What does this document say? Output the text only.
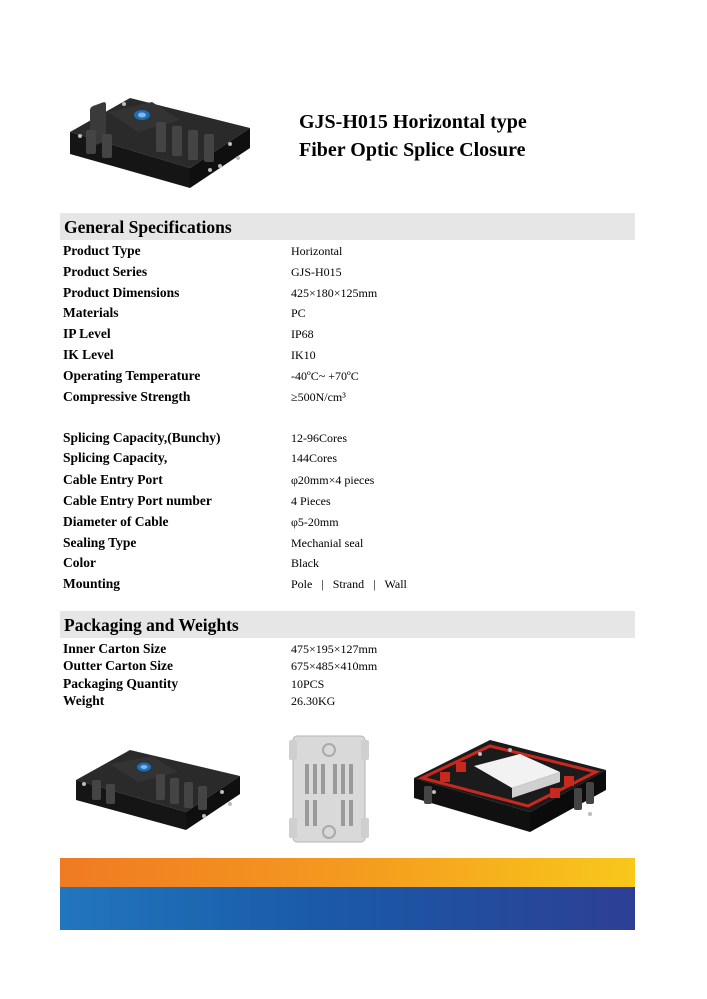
GJS-H015 Horizontal type
Fiber Optic Splice Closure
General Specifications
Product Type	Horizontal
Product Series	GJS-H015
Product Dimensions	425×180×125mm
Materials	PC
IP Level	IP68
IK Level	IK10
Operating Temperature	-40ºC~ +70ºC
Compressive Strength	≥500N/cm³
Splicing Capacity,(Bunchy)	12-96Cores
Splicing Capacity,	144Cores
Cable Entry Port	φ20mm×4 pieces
Cable Entry Port number	4 Pieces
Diameter of Cable	φ5-20mm
Sealing Type	Mechanial seal
Color	Black
Mounting	Pole | Strand | Wall
Packaging and Weights
Inner Carton Size	475×195×127mm
Outter Carton Size	675×485×410mm
Packaging Quantity	10PCS
Weight	26.30KG
